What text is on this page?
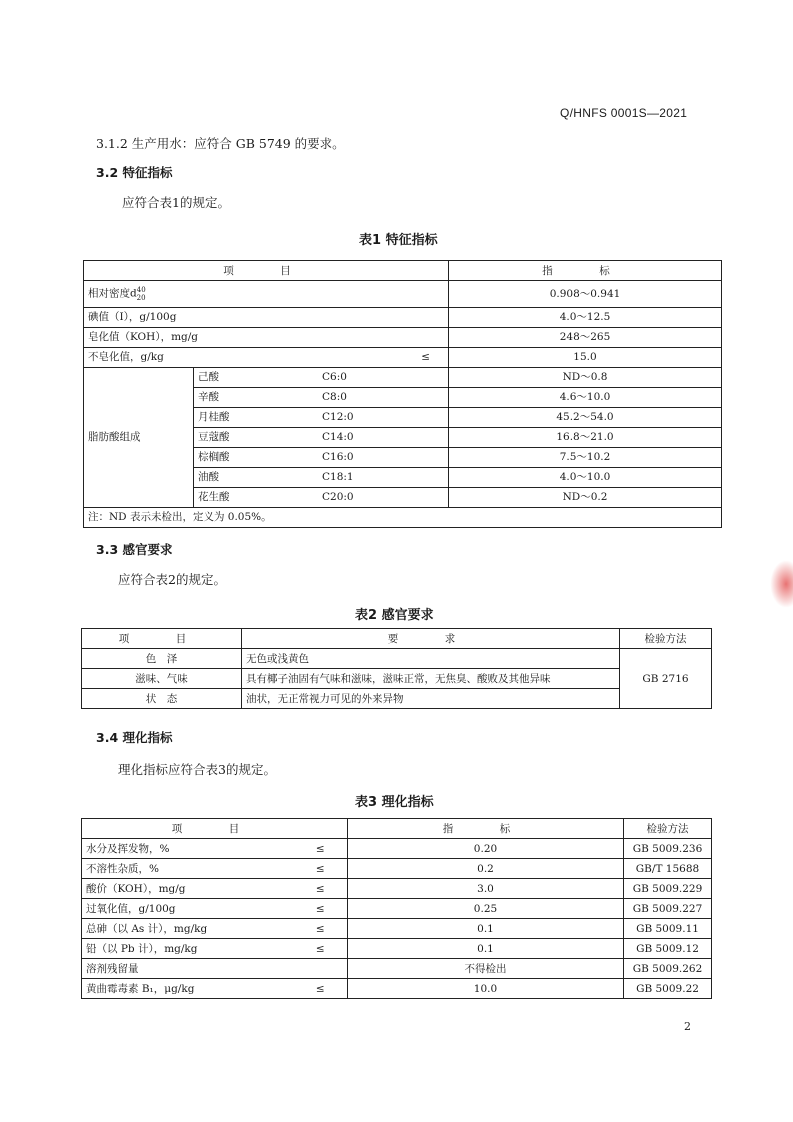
Q/HNFS 0001S—2021
3.1.2 生产用水：应符合 GB 5749 的要求。
3.2 特征指标
应符合表1的规定。
表1 特征指标
项　目		指　标
相对密度$d^{40}_{20}$		0.908～0.941
碘值（I），g/100g		4.0～12.5
皂化值（KOH），mg/g		248～265
不皂化值，g/kg ≤		15.0
脂肪酸组成	己酸 C6:0	ND～0.8
	辛酸 C8:0	4.6～10.0
	月桂酸 C12:0	45.2～54.0
	豆蔻酸 C14:0	16.8～21.0
	棕榈酸 C16:0	7.5～10.2
	油酸 C18:1	4.0～10.0
	花生酸 C20:0	ND～0.2
注：ND 表示未检出，定义为 0.05%。		
3.3 感官要求
应符合表2的规定。
表2 感官要求
项　目	要　求	检验方法
色　泽	无色或浅黄色	GB 2716
滋味、气味	具有椰子油固有气味和滋味，滋味正常，无焦臭、酸败及其他异味	
状　态	油状，无正常视力可见的外来异物	
3.4 理化指标
理化指标应符合表3的规定。
表3 理化指标
项　目		指　标	检验方法
水分及挥发物，%	≤	0.20	GB 5009.236
不溶性杂质，%	≤	0.2	GB/T 15688
酸价（KOH），mg/g	≤	3.0	GB 5009.229
过氧化值，g/100g	≤	0.25	GB 5009.227
总砷（以 As 计），mg/kg	≤	0.1	GB 5009.11
铅（以 Pb 计），mg/kg	≤	0.1	GB 5009.12
溶剂残留量		不得检出	GB 5009.262
黄曲霉毒素 B₁，μg/kg	≤	10.0	GB 5009.22
2
